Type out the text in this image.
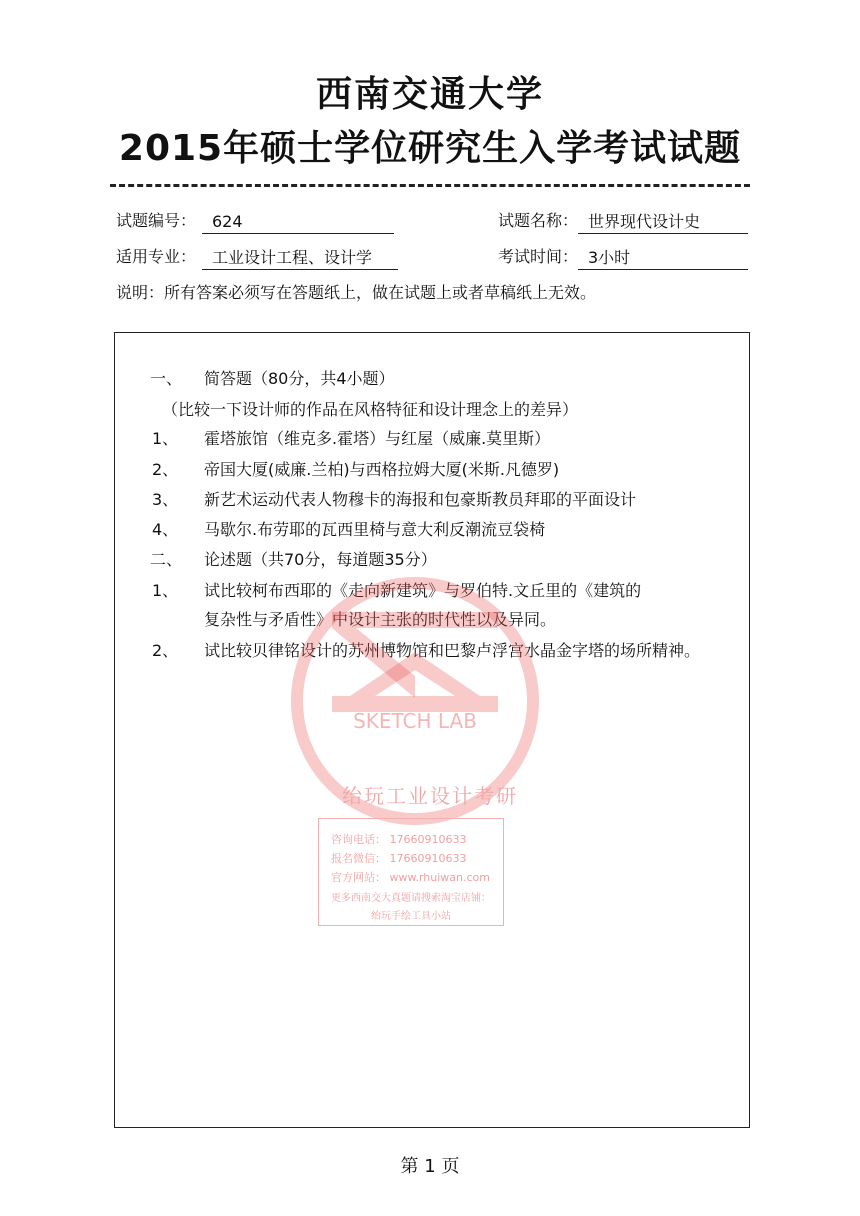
西南交通大学
2015年硕士学位研究生入学考试试题
试题编号： 624	试题名称： 世界现代设计史
适用专业： 工业设计工程、设计学	考试时间： 3小时
说明：所有答案必须写在答题纸上，做在试题上或者草稿纸上无效。
一、 简答题（80分，共4小题）
（比较一下设计师的作品在风格特征和设计理念上的差异）
1、 霍塔旅馆（维克多.霍塔）与红屋（威廉.莫里斯）
2、 帝国大厦(威廉.兰柏)与西格拉姆大厦(米斯.凡德罗)
3、 新艺术运动代表人物穆卡的海报和包豪斯教员拜耶的平面设计
4、 马歇尔.布劳耶的瓦西里椅与意大利反潮流豆袋椅
二、 论述题（共70分，每道题35分）
1、 试比较柯布西耶的《走向新建筑》与罗伯特.文丘里的《建筑的
复杂性与矛盾性》中设计主张的时代性以及异同。
2、 试比较贝律铭设计的苏州博物馆和巴黎卢浮宫水晶金字塔的场所精神。
SKETCH LAB
绐玩工业设计考研
咨询电话： 17660910633
报名微信： 17660910633
官方网站： www.rhuiwan.com
更多西南交大真题请搜索淘宝店铺：
绐玩手绘工具小站
第 1 页
